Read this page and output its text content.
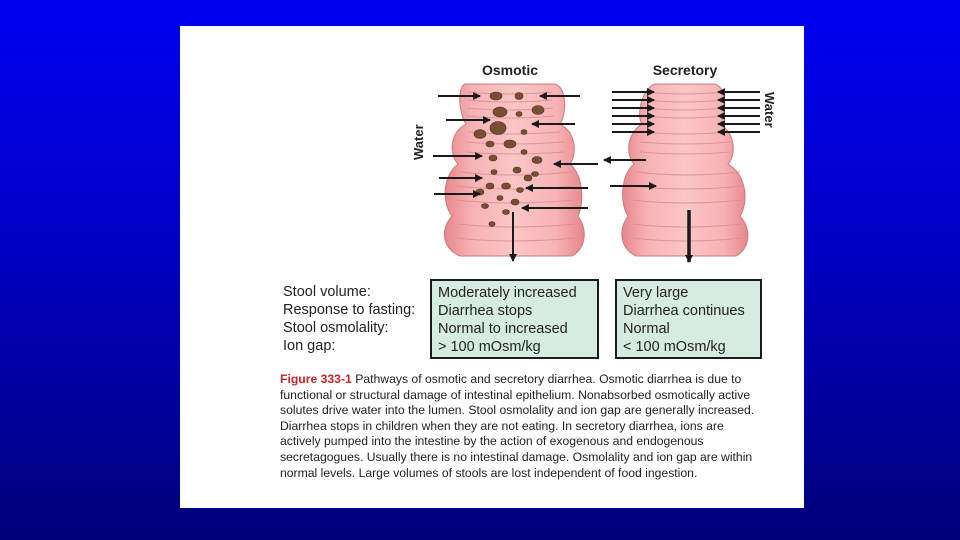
Osmotic	Secretory
Water
Water
Stool volume:
Response to fasting:
Stool osmolality:
Ion gap:
Moderately increased
Diarrhea stops
Normal to increased
> 100 mOsm/kg
Very large
Diarrhea continues
Normal
< 100 mOsm/kg
Figure 333-1 Pathways of osmotic and secretory diarrhea. Osmotic diarrhea is due to
functional or structural damage of intestinal epithelium. Nonabsorbed osmotically active
solutes drive water into the lumen. Stool osmolality and ion gap are generally increased.
Diarrhea stops in children when they are not eating. In secretory diarrhea, ions are
actively pumped into the intestine by the action of exogenous and endogenous
secretagogues. Usually there is no intestinal damage. Osmolality and ion gap are within
normal levels. Large volumes of stools are lost independent of food ingestion.
